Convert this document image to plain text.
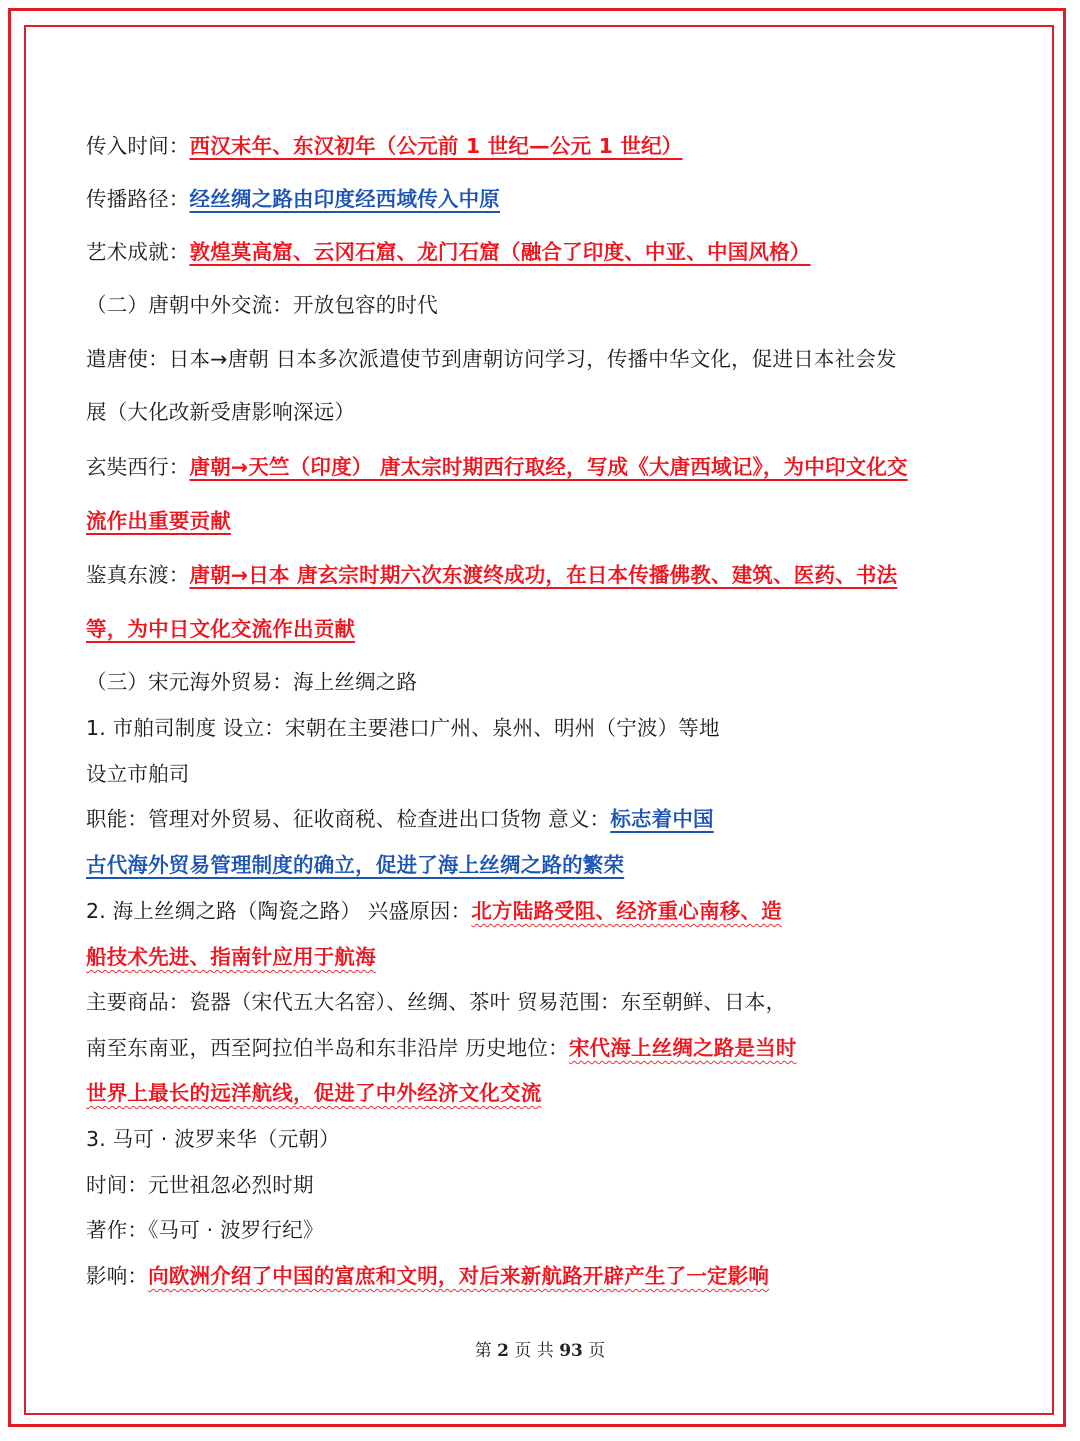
传入时间：西汉末年、东汉初年（公元前 1 世纪—公元 1 世纪）
传播路径：经丝绸之路由印度经西域传入中原
艺术成就：敦煌莫高窟、云冈石窟、龙门石窟（融合了印度、中亚、中国风格）
（二）唐朝中外交流：开放包容的时代
遣唐使：日本→唐朝 日本多次派遣使节到唐朝访问学习，传播中华文化，促进日本社会发
展（大化改新受唐影响深远）
玄奘西行：唐朝→天竺（印度） 唐太宗时期西行取经，写成《大唐西域记》，为中印文化交
流作出重要贡献
鉴真东渡：唐朝→日本 唐玄宗时期六次东渡终成功，在日本传播佛教、建筑、医药、书法
等，为中日文化交流作出贡献
（三）宋元海外贸易：海上丝绸之路
1. 市舶司制度 设立：宋朝在主要港口广州、泉州、明州（宁波）等地
设立市舶司
职能：管理对外贸易、征收商税、检查进出口货物 意义：标志着中国
古代海外贸易管理制度的确立，促进了海上丝绸之路的繁荣
2. 海上丝绸之路（陶瓷之路） 兴盛原因：北方陆路受阻、经济重心南移、造
船技术先进、指南针应用于航海
主要商品：瓷器（宋代五大名窑）、丝绸、茶叶 贸易范围：东至朝鲜、日本，
南至东南亚，西至阿拉伯半岛和东非沿岸 历史地位：宋代海上丝绸之路是当时
世界上最长的远洋航线，促进了中外经济文化交流
3. 马可 · 波罗来华（元朝）
时间：元世祖忽必烈时期
著作：《马可 · 波罗行纪》
影响：向欧洲介绍了中国的富庶和文明，对后来新航路开辟产生了一定影响
第 2 页 共 93 页
